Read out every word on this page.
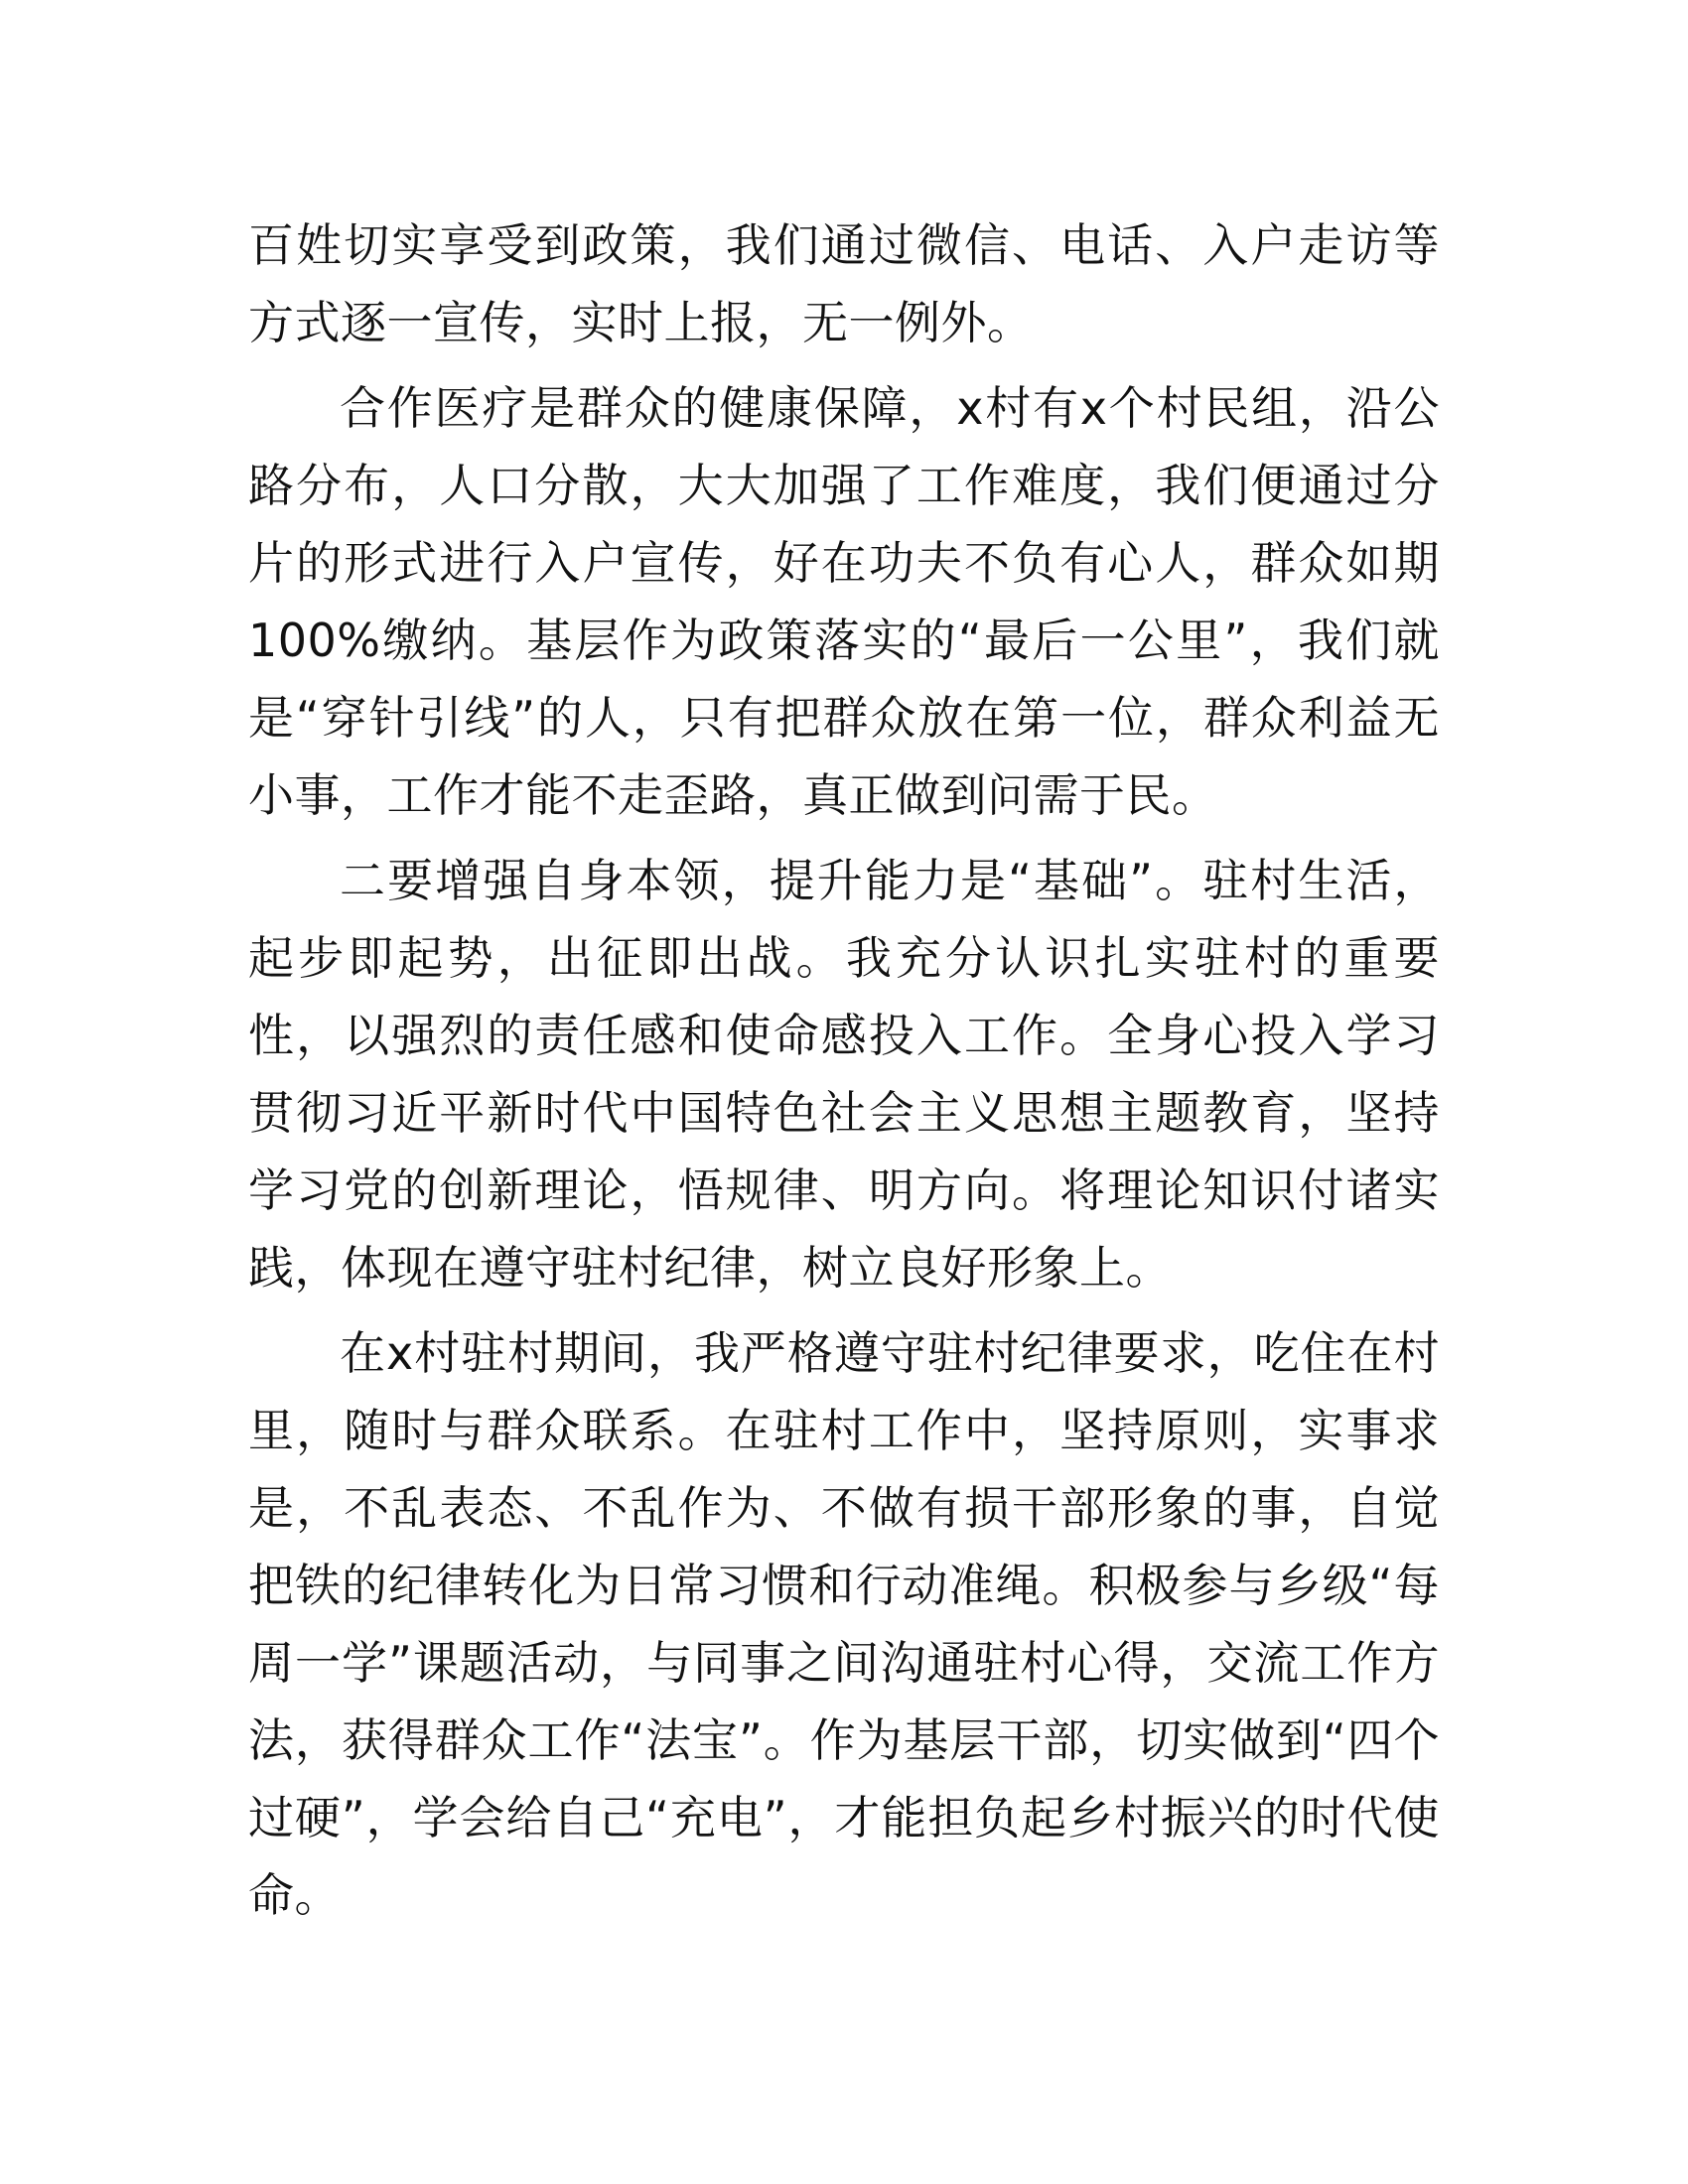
百姓切实享受到政策，我们通过微信、电话、入户走访等方式逐一宣传，实时上报，无一例外。

合作医疗是群众的健康保障，x村有x个村民组，沿公路分布，人口分散，大大加强了工作难度，我们便通过分片的形式进行入户宣传，好在功夫不负有心人，群众如期 100%缴纳。基层作为政策落实的“最后一公里”，我们就是“穿针引线”的人，只有把群众放在第一位，群众利益无小事，工作才能不走歪路，真正做到问需于民。

二要增强自身本领，提升能力是“基础”。驻村生活，起步即起势，出征即出战。我充分认识扎实驻村的重要性，以强烈的责任感和使命感投入工作。全身心投入学习贯彻习近平新时代中国特色社会主义思想主题教育，坚持学习党的创新理论，悟规律、明方向。将理论知识付诸实践，体现在遵守驻村纪律，树立良好形象上。

在x村驻村期间，我严格遵守驻村纪律要求，吃住在村里，随时与群众联系。在驻村工作中，坚持原则，实事求是，不乱表态、不乱作为、不做有损干部形象的事，自觉把铁的纪律转化为日常习惯和行动准绳。积极参与乡级“每周一学”课题活动，与同事之间沟通驻村心得，交流工作方法，获得群众工作“法宝”。作为基层干部，切实做到“四个过硬”，学会给自己“充电”，才能担负起乡村振兴的时代使命。
